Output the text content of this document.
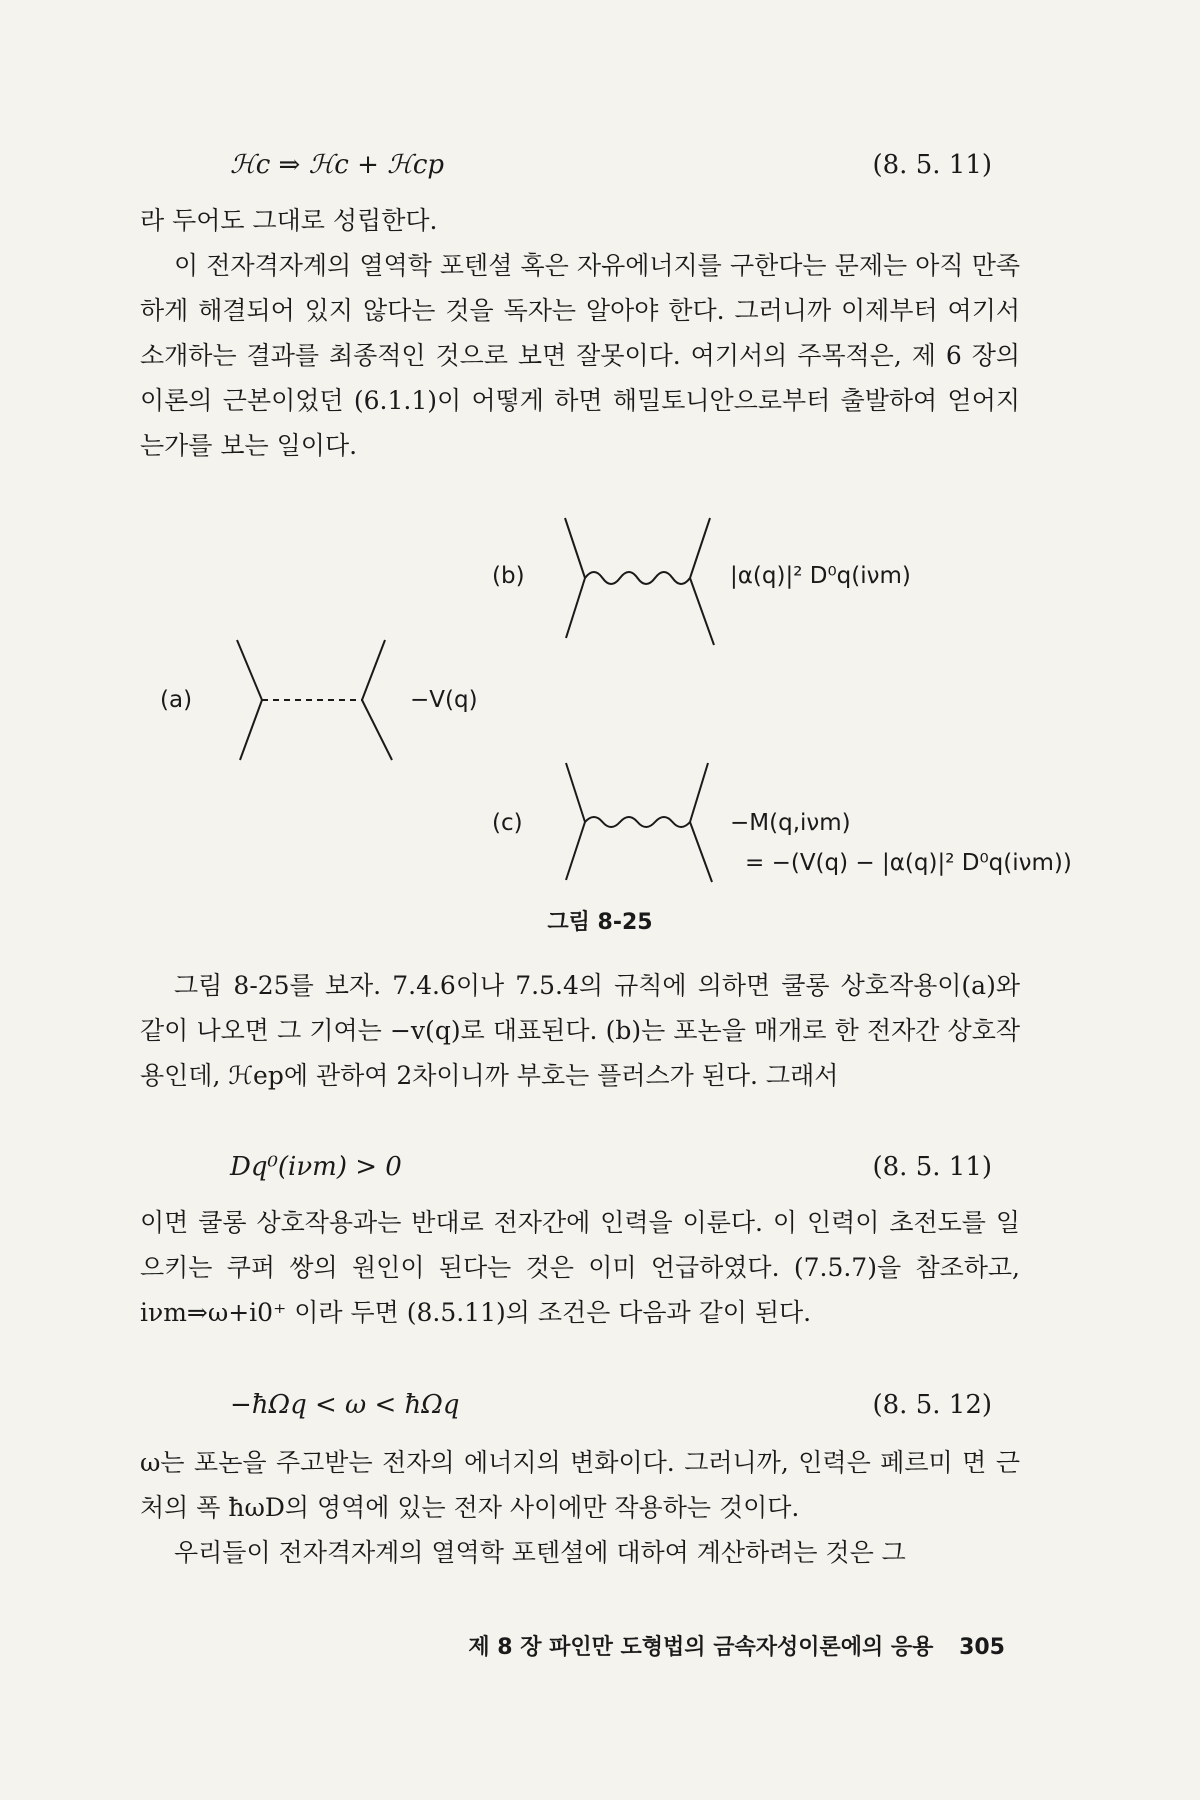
ℋc ⇒ ℋc + ℋcp	(8. 5. 11)

라 두어도 그대로 성립한다.

이 전자격자계의 열역학 포텐셜 혹은 자유에너지를 구한다는 문제는 아직 만족하게 해결되어 있지 않다는 것을 독자는 알아야 한다. 그러니까 이제부터 여기서 소개하는 결과를 최종적인 것으로 보면 잘못이다. 여기서의 주목적은, 제 6 장의 이론의 근본이었던 (6.1.1)이 어떻게 하면 해밀토니안으로부터 출발하여 얻어지는가를 보는 일이다.

(a)	−V(q)
(b)	|α(q)|² D⁰q(iνm)
(c)	−M(q,iνm)
= −(V(q) − |α(q)|² D⁰q(iνm))
그림 8-25

그림 8-25를 보자. 7.4.6이나 7.5.4의 규칙에 의하면 쿨롱 상호작용이(a)와 같이 나오면 그 기여는 −v(q)로 대표된다. (b)는 포논을 매개로 한 전자간 상호작용인데, ℋep에 관하여 2차이니까 부호는 플러스가 된다. 그래서

Dq⁰(iνm) > 0	(8. 5. 11)

이면 쿨롱 상호작용과는 반대로 전자간에 인력을 이룬다. 이 인력이 초전도를 일으키는 쿠퍼 쌍의 원인이 된다는 것은 이미 언급하였다. (7.5.7)을 참조하고, iνm⇒ω+i0⁺ 이라 두면 (8.5.11)의 조건은 다음과 같이 된다.

−ħΩq < ω < ħΩq	(8. 5. 12)

ω는 포논을 주고받는 전자의 에너지의 변화이다. 그러니까, 인력은 페르미 면 근처의 폭 ħωD의 영역에 있는 전자 사이에만 작용하는 것이다.

우리들이 전자격자계의 열역학 포텐셜에 대하여 계산하려는 것은 그

제 8 장 파인만 도형법의 금속자성이론에의 응용 305
